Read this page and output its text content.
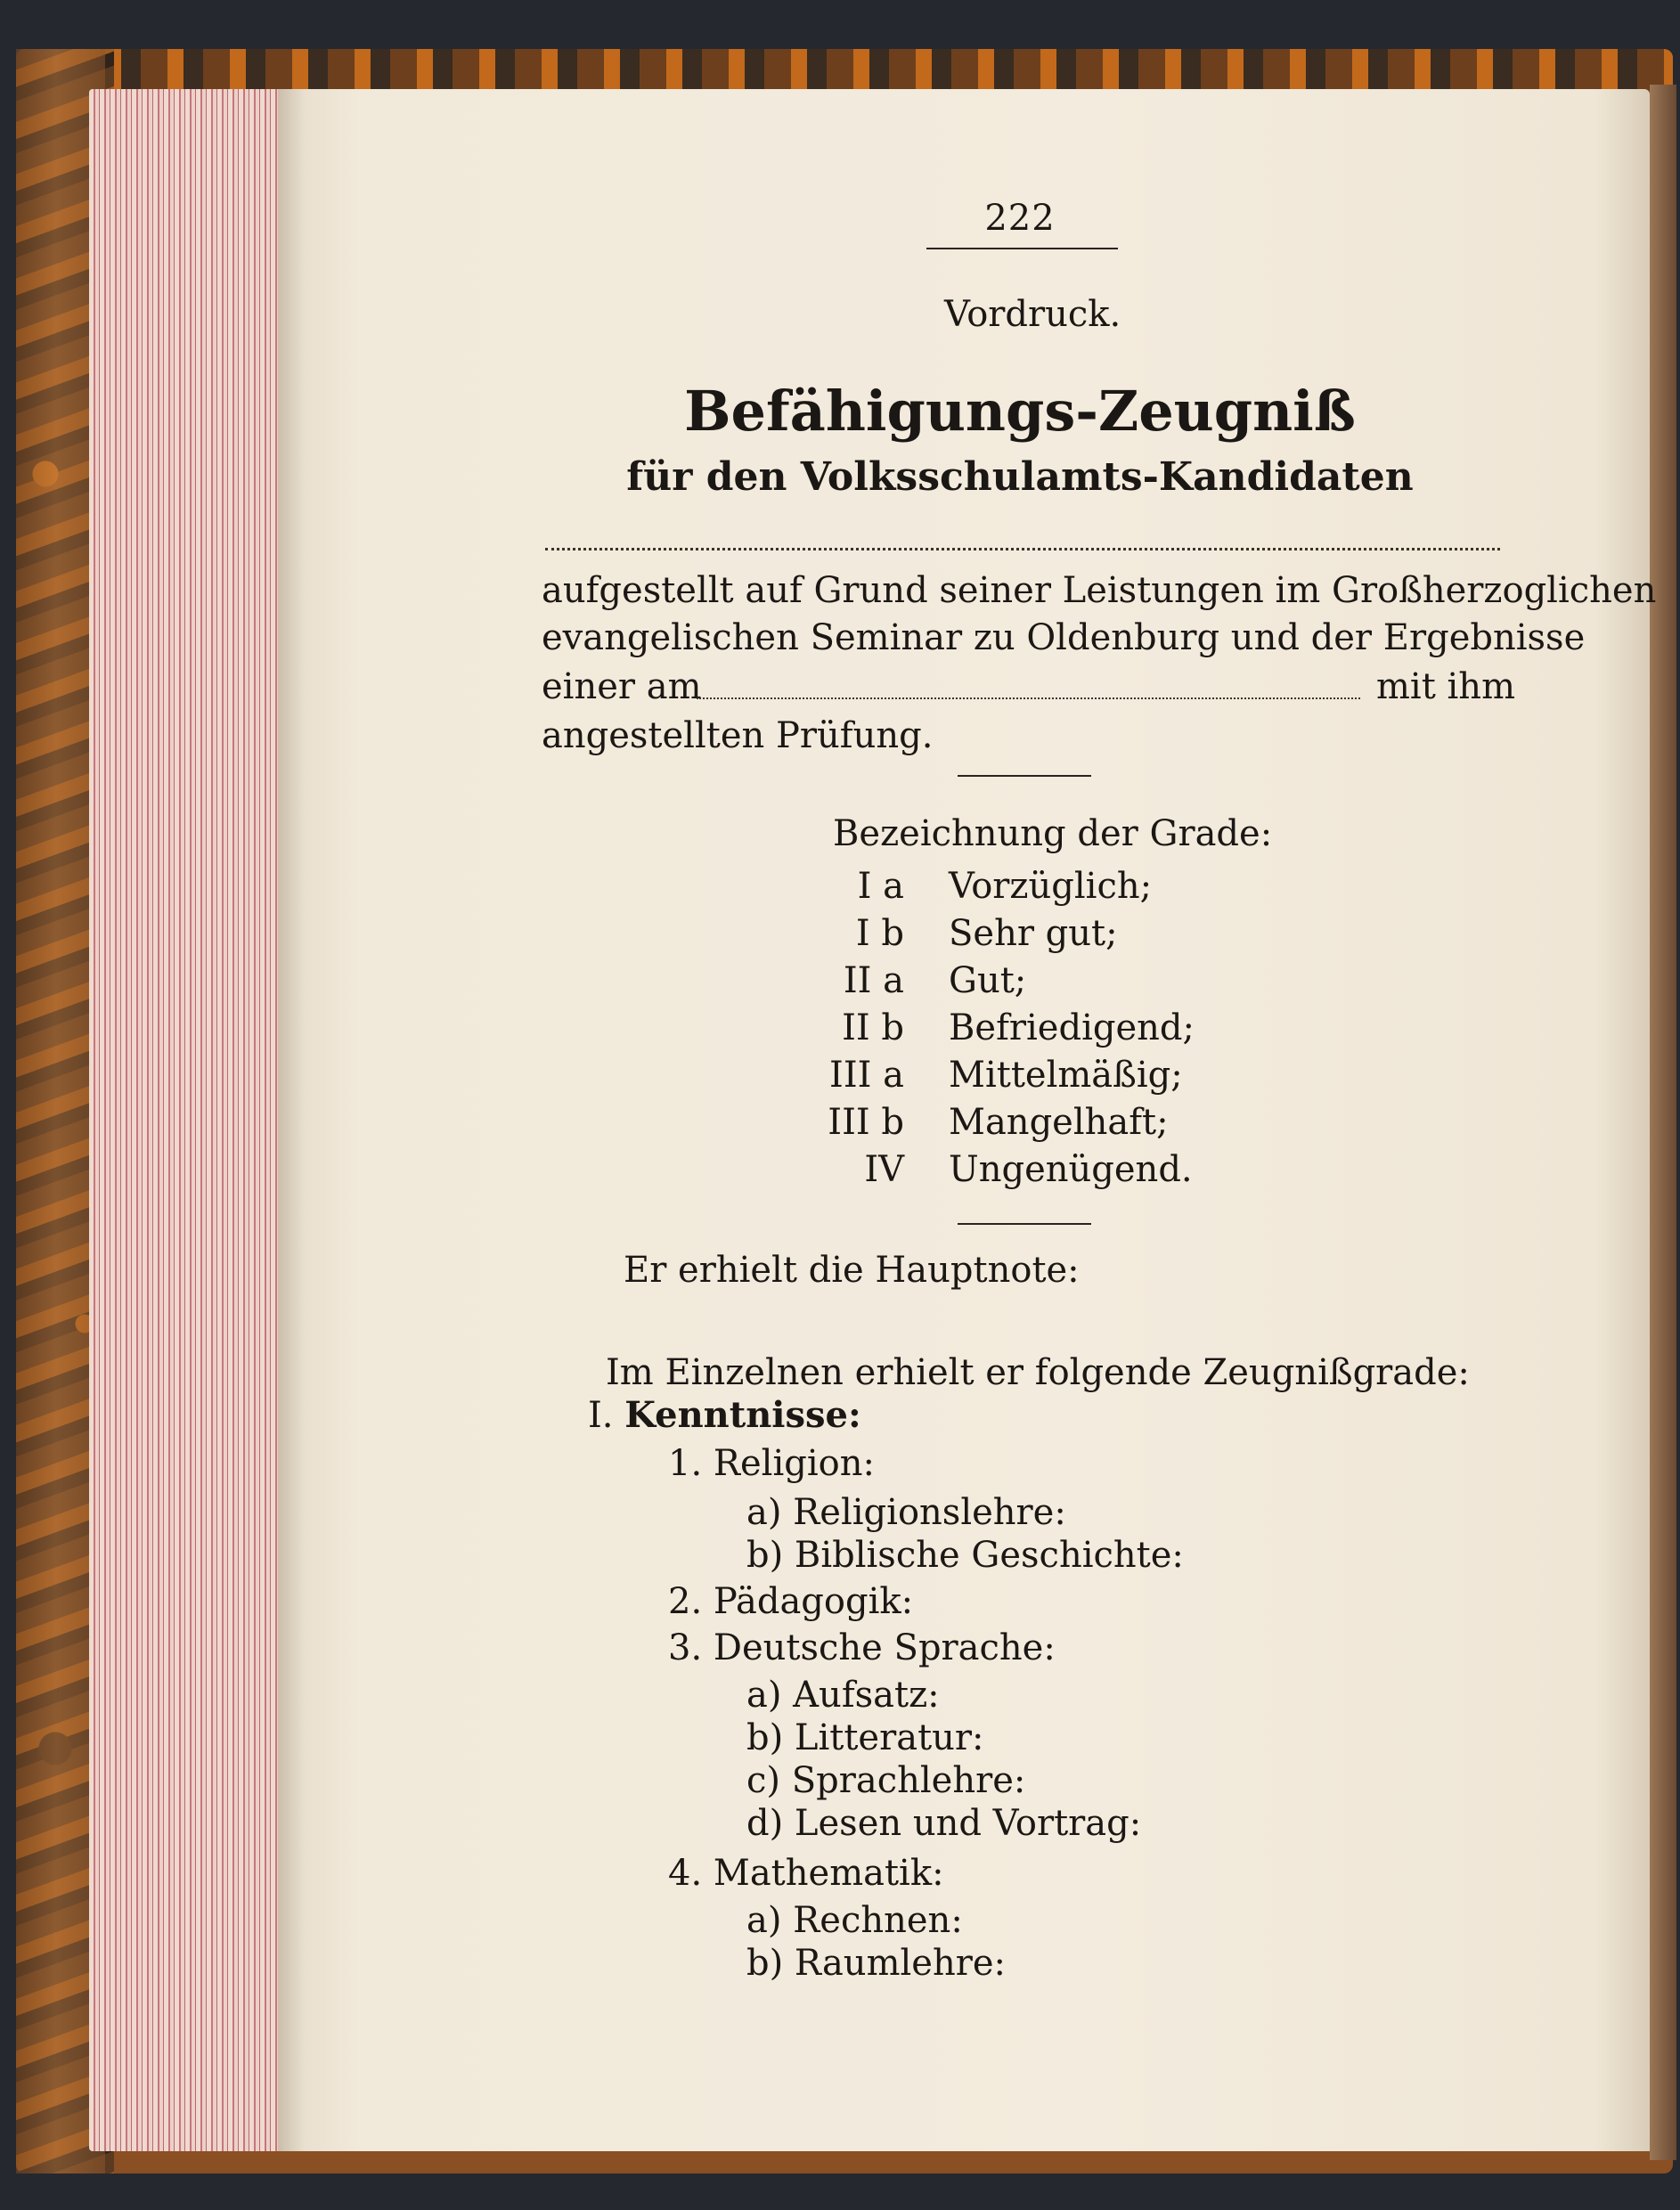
222
Vordruck.
Befähigungs-Zeugniß
für den Volksschulamts-Kandidaten
aufgestellt auf Grund seiner Leistungen im Großherzoglichen
evangelischen Seminar zu Oldenburg und der Ergebnisse
einer am	mit ihm
angestellten Prüfung.
Bezeichnung der Grade:
I a Vorzüglich;
I b Sehr gut;
II a Gut;
II b Befriedigend;
III a Mittelmäßig;
III b Mangelhaft;
IV Ungenügend.
Er erhielt die Hauptnote:
Im Einzelnen erhielt er folgende Zeugnißgrade:
I. Kenntnisse:
1. Religion:
a) Religionslehre:
b) Biblische Geschichte:
2. Pädagogik:
3. Deutsche Sprache:
a) Aufsatz:
b) Litteratur:
c) Sprachlehre:
d) Lesen und Vortrag:
4. Mathematik:
a) Rechnen:
b) Raumlehre:
